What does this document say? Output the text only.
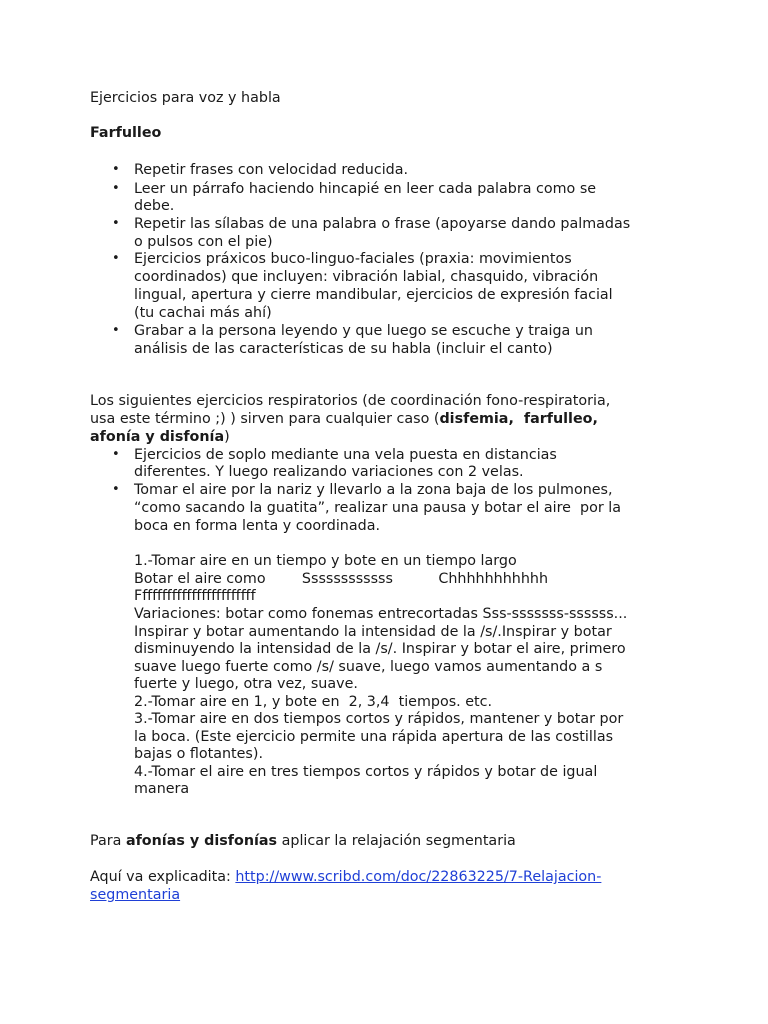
Ejercicios para voz y habla
Farfulleo
• Repetir frases con velocidad reducida.
• Leer un párrafo haciendo hincapié en leer cada palabra como se
debe.
• Repetir las sílabas de una palabra o frase (apoyarse dando palmadas
o pulsos con el pie)
• Ejercicios práxicos buco-linguo-faciales (praxia: movimientos
coordinados) que incluyen: vibración labial, chasquido, vibración
lingual, apertura y cierre mandibular, ejercicios de expresión facial
(tu cachai más ahí)
• Grabar a la persona leyendo y que luego se escuche y traiga un
análisis de las características de su habla (incluir el canto)
Los siguientes ejercicios respiratorios (de coordinación fono-respiratoria,
usa este término ;) ) sirven para cualquier caso (disfemia,  farfulleo,
afonía y disfonía)
• Ejercicios de soplo mediante una vela puesta en distancias
diferentes. Y luego realizando variaciones con 2 velas.
• Tomar el aire por la nariz y llevarlo a la zona baja de los pulmones,
“como sacando la guatita”, realizar una pausa y botar el aire  por la
boca en forma lenta y coordinada.
1.-Tomar aire en un tiempo y bote en un tiempo largo
Botar el aire como        Ssssssssssss          Chhhhhhhhhhh
Ffffffffffffffffffffffff
Variaciones: botar como fonemas entrecortadas Sss-sssssss-ssssss...
Inspirar y botar aumentando la intensidad de la /s/.Inspirar y botar
disminuyendo la intensidad de la /s/. Inspirar y botar el aire, primero
suave luego fuerte como /s/ suave, luego vamos aumentando a s
fuerte y luego, otra vez, suave.
2.-Tomar aire en 1, y bote en  2, 3,4  tiempos. etc.
3.-Tomar aire en dos tiempos cortos y rápidos, mantener y botar por
la boca. (Este ejercicio permite una rápida apertura de las costillas
bajas o flotantes).
4.-Tomar el aire en tres tiempos cortos y rápidos y botar de igual
manera
Para afonías y disfonías aplicar la relajación segmentaria
Aquí va explicadita: http://www.scribd.com/doc/22863225/7-Relajacion-
segmentaria
